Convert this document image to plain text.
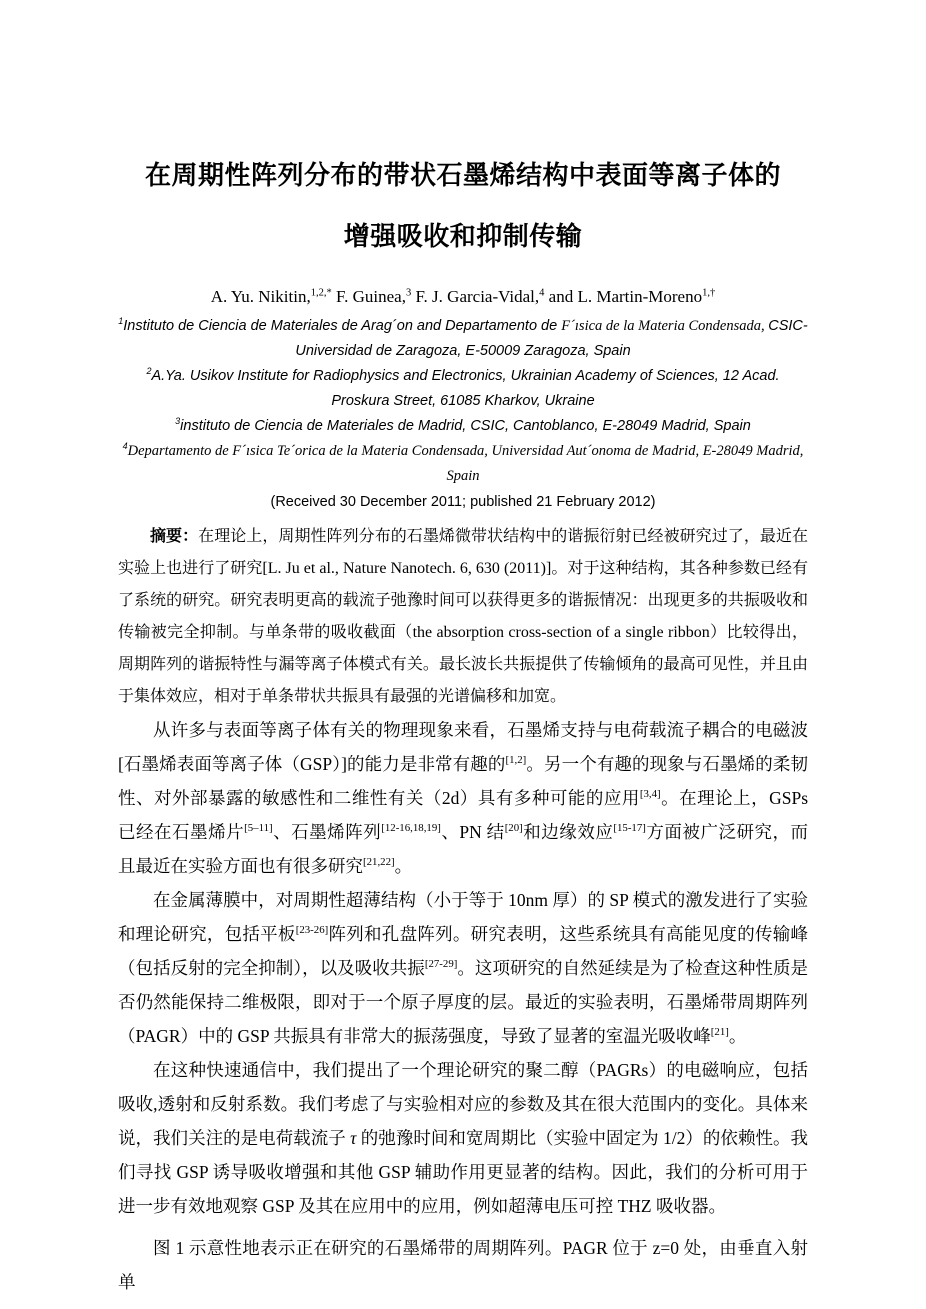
在周期性阵列分布的带状石墨烯结构中表面等离子体的
增强吸收和抑制传输
A. Yu. Nikitin,$^{1,2,*}$ F. Guinea,$^3$ F. J. Garcia-Vidal,$^4$ and L. Martin-Moreno$^{1,\dagger}$
$^1$Instituto de Ciencia de Materiales de Arag´on and Departamento de F´ısica de la Materia Condensada, CSIC-Universidad de Zaragoza, E-50009 Zaragoza, Spain
$^2$A.Ya. Usikov Institute for Radiophysics and Electronics, Ukrainian Academy of Sciences, 12 Acad. Proskura Street, 61085 Kharkov, Ukraine
$^3$instituto de Ciencia de Materiales de Madrid, CSIC, Cantoblanco, E-28049 Madrid, Spain
$^4$Departamento de F´ısica Te´orica de la Materia Condensada, Universidad Aut´onoma de Madrid, E-28049 Madrid, Spain
(Received 30 December 2011; published 21 February 2012)

摘要：在理论上，周期性阵列分布的石墨烯微带状结构中的谐振衍射已经被研究过了，最近在实验上也进行了研究[L. Ju et al., Nature Nanotech. 6, 630 (2011)]。对于这种结构，其各种参数已经有了系统的研究。研究表明更高的载流子弛豫时间可以获得更多的谐振情况：出现更多的共振吸收和传输被完全抑制。与单条带的吸收截面（the absorption cross-section of a single ribbon）比较得出，周期阵列的谐振特性与漏等离子体模式有关。最长波长共振提供了传输倾角的最高可见性，并且由于集体效应，相对于单条带状共振具有最强的光谱偏移和加宽。

从许多与表面等离子体有关的物理现象来看，石墨烯支持与电荷载流子耦合的电磁波[石墨烯表面等离子体（GSP）]的能力是非常有趣的[1,2]。另一个有趣的现象与石墨烯的柔韧性、对外部暴露的敏感性和二维性有关（2d）具有多种可能的应用[3,4]。在理论上，GSPs 已经在石墨烯片[5–11]、石墨烯阵列[12-16,18,19]、PN 结[20]和边缘效应[15-17]方面被广泛研究，而且最近在实验方面也有很多研究[21,22]。

在金属薄膜中，对周期性超薄结构（小于等于 10nm 厚）的 SP 模式的激发进行了实验和理论研究，包括平板[23-26]阵列和孔盘阵列。研究表明，这些系统具有高能见度的传输峰（包括反射的完全抑制），以及吸收共振[27-29]。这项研究的自然延续是为了检查这种性质是否仍然能保持二维极限，即对于一个原子厚度的层。最近的实验表明，石墨烯带周期阵列（PAGR）中的 GSP 共振具有非常大的振荡强度，导致了显著的室温光吸收峰[21]。

在这种快速通信中，我们提出了一个理论研究的聚二醇（PAGRs）的电磁响应，包括吸收,透射和反射系数。我们考虑了与实验相对应的参数及其在很大范围内的变化。具体来说，我们关注的是电荷载流子 τ 的弛豫时间和宽周期比（实验中固定为 1/2）的依赖性。我们寻找 GSP 诱导吸收增强和其他 GSP 辅助作用更显著的结构。因此，我们的分析可用于进一步有效地观察 GSP 及其在应用中的应用，例如超薄电压可控 THZ 吸收器。

图 1 示意性地表示正在研究的石墨烯带的周期阵列。PAGR 位于 z=0 处，由垂直入射单
